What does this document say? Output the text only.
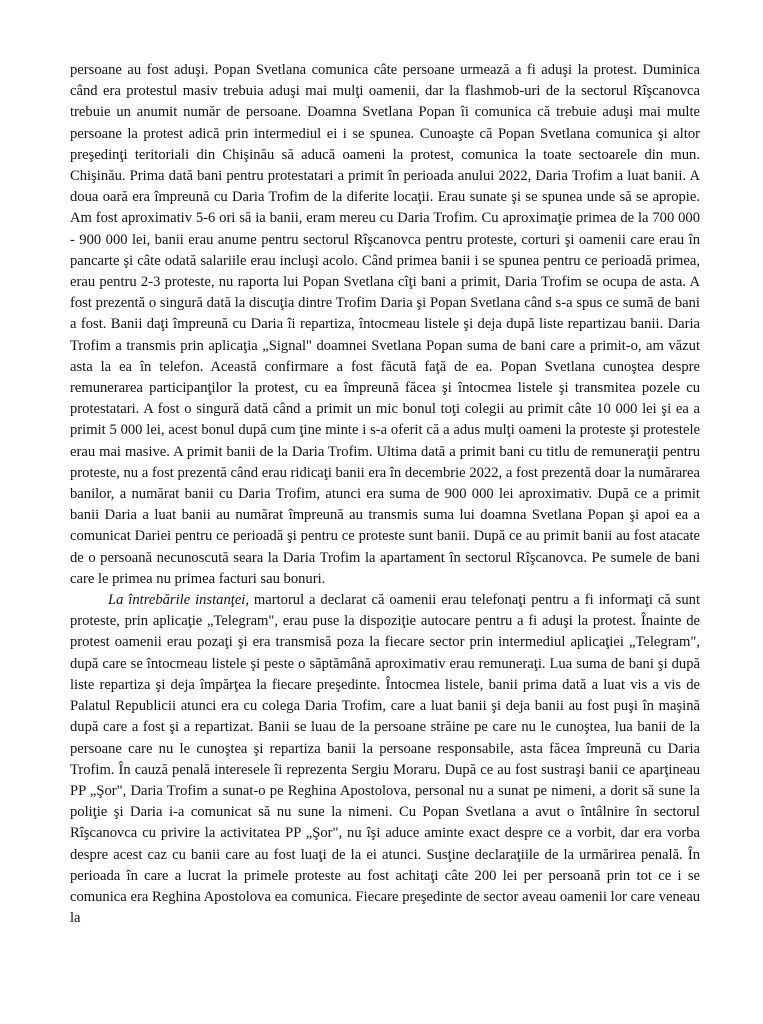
persoane au fost aduşi. Popan Svetlana comunica câte persoane urmează a fi aduşi la protest. Duminica când era protestul masiv trebuia aduşi mai mulţi oamenii, dar la flashmob-uri de la sectorul Rîşcanovca trebuie un anumit număr de persoane. Doamna Svetlana Popan îi comunica că trebuie aduşi mai multe persoane la protest adică prin intermediul ei i se spunea. Cunoaşte că Popan Svetlana comunica şi altor preşedinţi teritoriali din Chişinău să aducă oameni la protest, comunica la toate sectoarele din mun. Chişinău. Prima dată bani pentru protestatari a primit în perioada anului 2022, Daria Trofim a luat banii. A doua oară era împreună cu Daria Trofim de la diferite locaţii. Erau sunate şi se spunea unde să se apropie. Am fost aproximativ 5-6 ori să ia banii, eram mereu cu Daria Trofim. Cu aproximaţie primea de la 700 000 - 900 000 lei, banii erau anume pentru sectorul Rîşcanovca pentru proteste, corturi şi oamenii care erau în pancarte şi câte odată salariile erau incluşi acolo. Când primea banii i se spunea pentru ce perioadă primea, erau pentru 2-3 proteste, nu raporta lui Popan Svetlana cîţi bani a primit, Daria Trofim se ocupa de asta. A fost prezentă o singură dată la discuţia dintre Trofim Daria şi Popan Svetlana când s-a spus ce sumă de bani a fost. Banii daţi împreună cu Daria îi repartiza, întocmeau listele şi deja după liste repartizau banii. Daria Trofim a transmis prin aplicaţia „Signal" doamnei Svetlana Popan suma de bani care a primit-o, am văzut asta la ea în telefon. Această confirmare a fost făcută faţă de ea. Popan Svetlana cunoştea despre remunerarea participanţilor la protest, cu ea împreună făcea şi întocmea listele şi transmitea pozele cu protestatari. A fost o singură dată când a primit un mic bonul toţi colegii au primit câte 10 000 lei şi ea a primit 5 000 lei, acest bonul după cum ţine minte i s-a oferit că a adus mulţi oameni la proteste şi protestele erau mai masive. A primit banii de la Daria Trofim. Ultima dată a primit bani cu titlu de remuneraţii pentru proteste, nu a fost prezentă când erau ridicaţi banii era în decembrie 2022, a fost prezentă doar la numărarea banilor, a numărat banii cu Daria Trofim, atunci era suma de 900 000 lei aproximativ. După ce a primit banii Daria a luat banii au numărat împreună au transmis suma lui doamna Svetlana Popan şi apoi ea a comunicat Dariei pentru ce perioadă şi pentru ce proteste sunt banii. După ce au primit banii au fost atacate de o persoană necunoscută seara la Daria Trofim la apartament în sectorul Rîşcanovca. Pe sumele de bani care le primea nu primea facturi sau bonuri.

La întrebările instanţei, martorul a declarat că oamenii erau telefonaţi pentru a fi informaţi că sunt proteste, prin aplicaţie „Telegram", erau puse la dispoziţie autocare pentru a fi aduşi la protest. Înainte de protest oamenii erau pozaţi şi era transmisă poza la fiecare sector prin intermediul aplicaţiei „Telegram", după care se întocmeau listele şi peste o săptămână aproximativ erau remuneraţi. Lua suma de bani şi după liste repartiza şi deja împărţea la fiecare preşedinte. Întocmea listele, banii prima dată a luat vis a vis de Palatul Republicii atunci era cu colega Daria Trofim, care a luat banii şi deja banii au fost puşi în maşină după care a fost şi a repartizat. Banii se luau de la persoane străine pe care nu le cunoştea, lua banii de la persoane care nu le cunoştea şi repartiza banii la persoane responsabile, asta făcea împreună cu Daria Trofim. În cauză penală interesele îi reprezenta Sergiu Moraru. După ce au fost sustraşi banii ce aparţineau PP „Şor", Daria Trofim a sunat-o pe Reghina Apostolova, personal nu a sunat pe nimeni, a dorit să sune la poliţie şi Daria i-a comunicat să nu sune la nimeni. Cu Popan Svetlana a avut o întâlnire în sectorul Rîşcanovca cu privire la activitatea PP „Şor", nu îşi aduce aminte exact despre ce a vorbit, dar era vorba despre acest caz cu banii care au fost luaţi de la ei atunci. Susţine declaraţiile de la urmărirea penală. În perioada în care a lucrat la primele proteste au fost achitaţi câte 200 lei per persoană prin tot ce i se comunica era Reghina Apostolova ea comunica. Fiecare preşedinte de sector aveau oamenii lor care veneau la
